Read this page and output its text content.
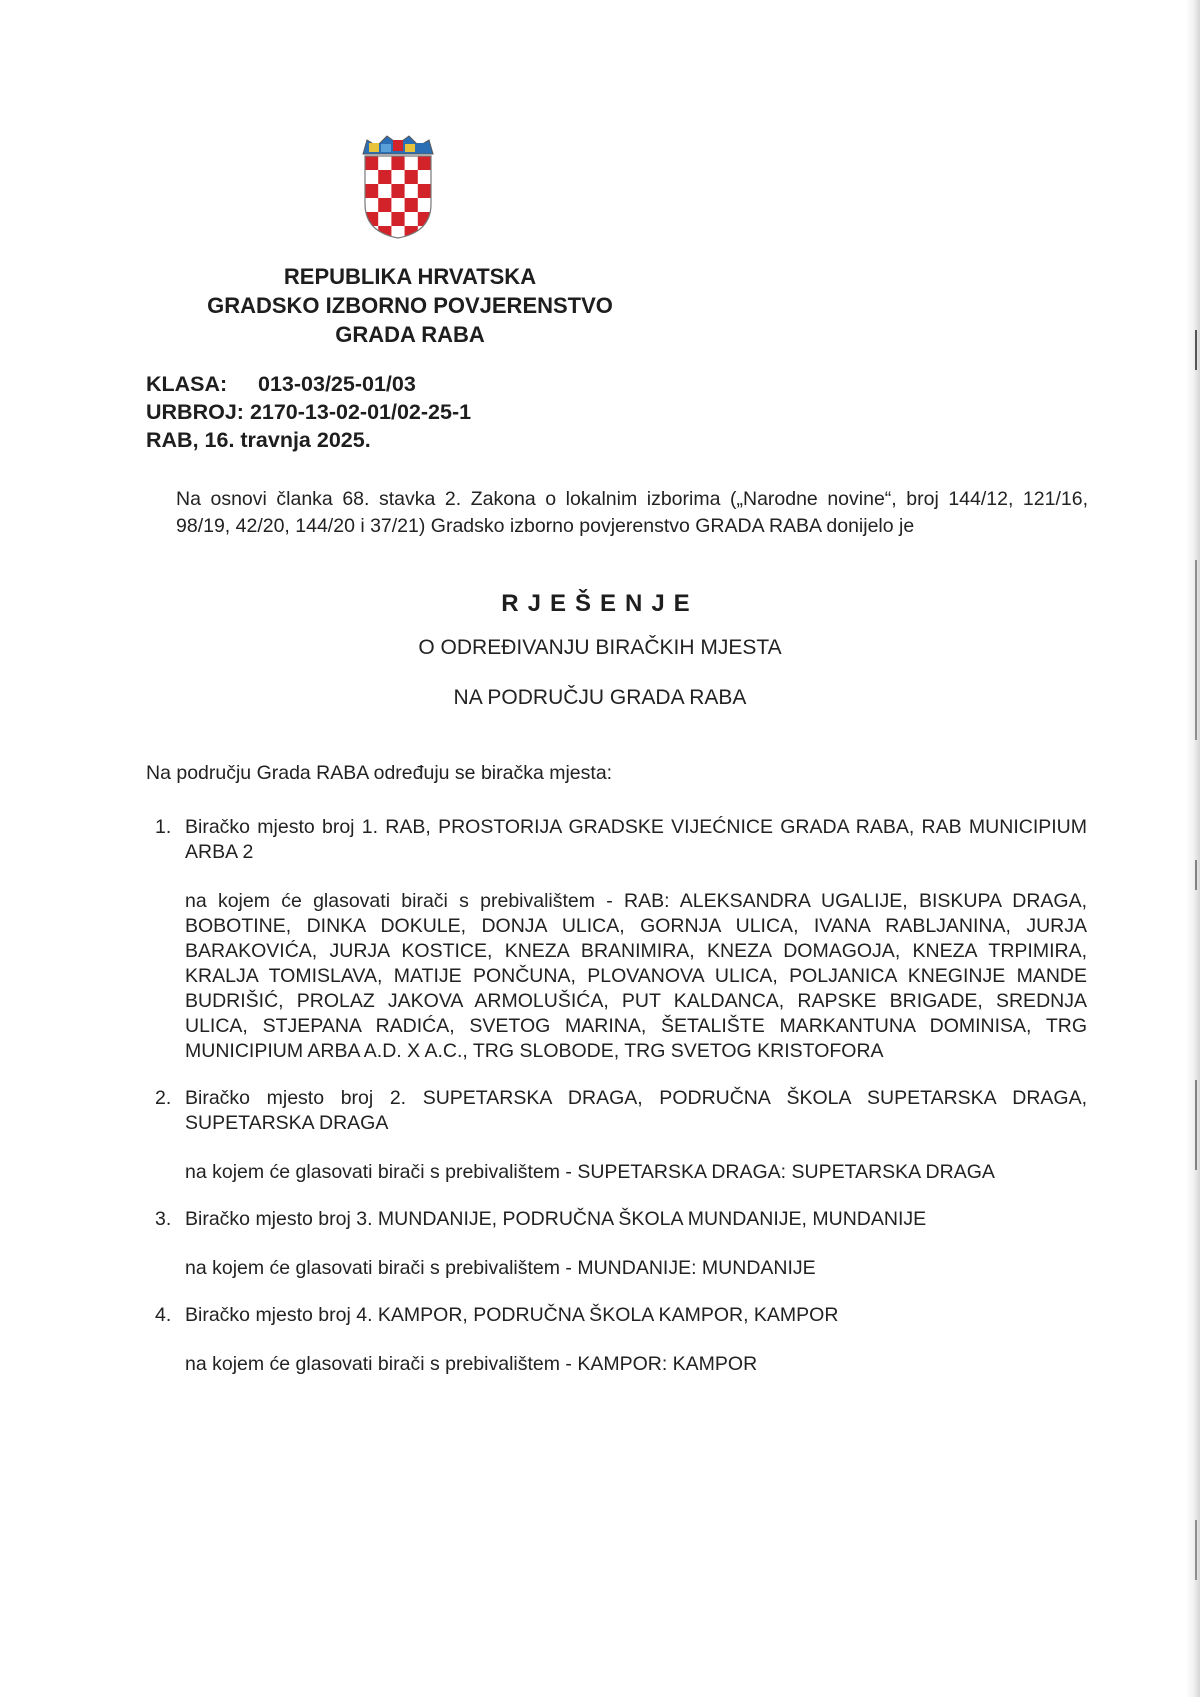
REPUBLIKA HRVATSKA
GRADSKO IZBORNO POVJERENSTVO
GRADA RABA
KLASA: 013-03/25-01/03
URBROJ: 2170-13-02-01/02-25-1
RAB, 16. travnja 2025.
Na osnovi članka 68. stavka 2. Zakona o lokalnim izborima („Narodne novine“, broj 144/12, 121/16, 98/19, 42/20, 144/20 i 37/21) Gradsko izborno povjerenstvo GRADA RABA donijelo je
RJEŠENJE
O ODREĐIVANJU BIRAČKIH MJESTA
NA PODRUČJU GRADA RABA
Na području Grada RABA određuju se biračka mjesta:
1. Biračko mjesto broj 1. RAB, PROSTORIJA GRADSKE VIJEĆNICE GRADA RABA, RAB MUNICIPIUM ARBA 2
na kojem će glasovati birači s prebivalištem - RAB: ALEKSANDRA UGALIJE, BISKUPA DRAGA, BOBOTINE, DINKA DOKULE, DONJA ULICA, GORNJA ULICA, IVANA RABLJANINA, JURJA BARAKOVIĆA, JURJA KOSTICE, KNEZA BRANIMIRA, KNEZA DOMAGOJA, KNEZA TRPIMIRA, KRALJA TOMISLAVA, MATIJE PONČUNA, PLOVANOVA ULICA, POLJANICA KNEGINJE MANDE BUDRIŠIĆ, PROLAZ JAKOVA ARMOLUŠIĆA, PUT KALDANCA, RAPSKE BRIGADE, SREDNJA ULICA, STJEPANA RADIĆA, SVETOG MARINA, ŠETALIŠTE MARKANTUNA DOMINISA, TRG MUNICIPIUM ARBA A.D. X A.C., TRG SLOBODE, TRG SVETOG KRISTOFORA
2. Biračko mjesto broj 2. SUPETARSKA DRAGA, PODRUČNA ŠKOLA SUPETARSKA DRAGA, SUPETARSKA DRAGA
na kojem će glasovati birači s prebivalištem - SUPETARSKA DRAGA: SUPETARSKA DRAGA
3. Biračko mjesto broj 3. MUNDANIJE, PODRUČNA ŠKOLA MUNDANIJE, MUNDANIJE
na kojem će glasovati birači s prebivalištem - MUNDANIJE: MUNDANIJE
4. Biračko mjesto broj 4. KAMPOR, PODRUČNA ŠKOLA KAMPOR, KAMPOR
na kojem će glasovati birači s prebivalištem - KAMPOR: KAMPOR
